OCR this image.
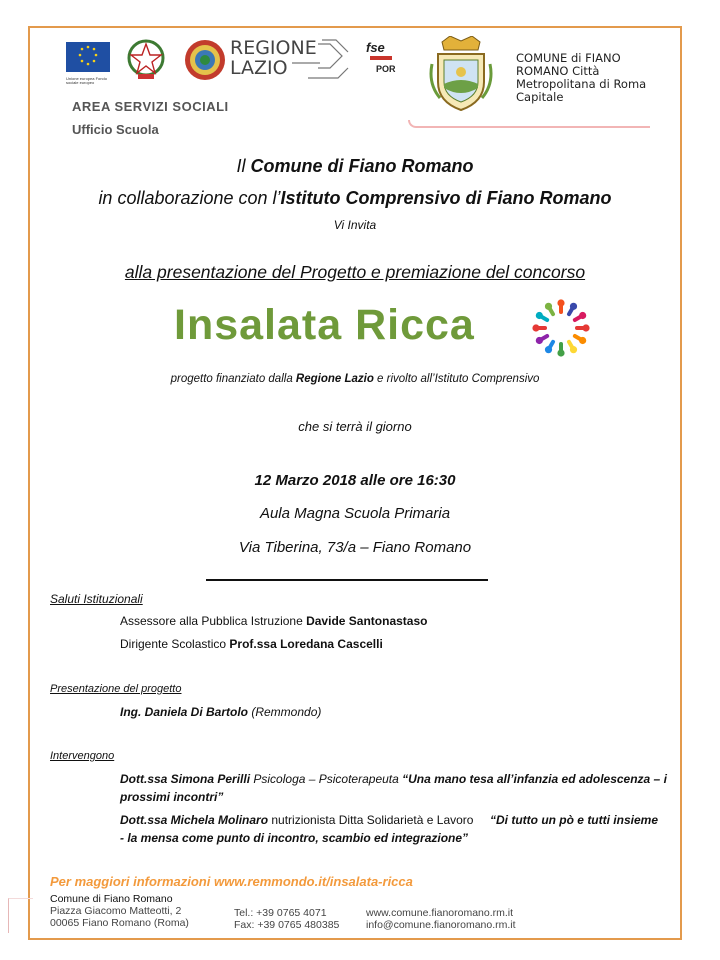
Unione europea Fondo sociale europeo
REGIONE LAZIO
fse
POR
COMUNE di FIANO ROMANO Città Metropolitana di Roma Capitale
AREA SERVIZI SOCIALI
Ufficio Scuola
Il Comune di Fiano Romano
in collaborazione con l’Istituto Comprensivo di Fiano Romano
Vi Invita
alla presentazione del Progetto e premiazione del concorso
Insalata Ricca
progetto finanziato dalla Regione Lazio e rivolto all’Istituto Comprensivo
che si terrà il giorno
12 Marzo 2018 alle ore 16:30
Aula Magna Scuola Primaria
Via Tiberina, 73/a – Fiano Romano
Saluti Istituzionali
Assessore alla Pubblica Istruzione Davide Santonastaso
Dirigente Scolastico Prof.ssa Loredana Cascelli
Presentazione del progetto
Ing. Daniela Di Bartolo (Remmondo)
Intervengono
Dott.ssa Simona Perilli Psicologa – Psicoterapeuta “Una mano tesa all’infanzia ed adolescenza – i
prossimi incontri”
Dott.ssa Michela Molinaro nutrizionista Ditta Solidarietà e Lavoro “Di tutto un pò e tutti insieme
- la mensa come punto di incontro, scambio ed integrazione”
Per maggiori informazioni www.remmondo.it/insalata-ricca
Comune di Fiano Romano
Piazza Giacomo Matteotti, 2
00065 Fiano Romano (Roma)
Tel.: +39 0765 4071
Fax: +39 0765 480385
www.comune.fianoromano.rm.it
info@comune.fianoromano.rm.it
